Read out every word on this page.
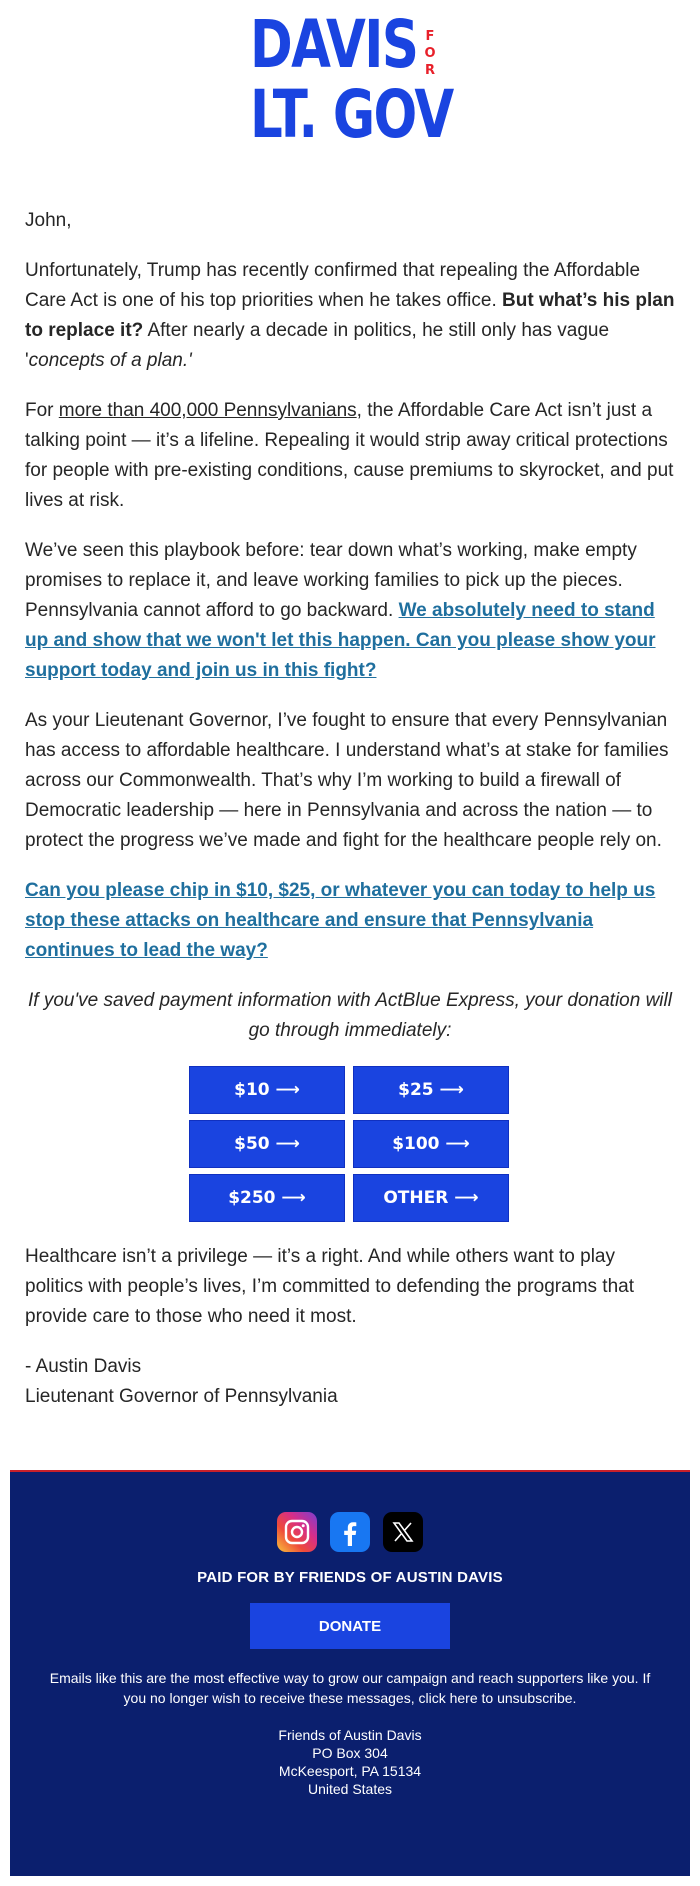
DAVIS F
O
R
LT. GOV

John,

Unfortunately, Trump has recently confirmed that repealing the Affordable Care Act is one of his top priorities when he takes office. But what’s his plan to replace it? After nearly a decade in politics, he still only has vague 'concepts of a plan.'

For more than 400,000 Pennsylvanians, the Affordable Care Act isn’t just a talking point — it’s a lifeline. Repealing it would strip away critical protections for people with pre-existing conditions, cause premiums to skyrocket, and put lives at risk.

We’ve seen this playbook before: tear down what’s working, make empty promises to replace it, and leave working families to pick up the pieces. Pennsylvania cannot afford to go backward. We absolutely need to stand up and show that we won't let this happen. Can you please show your support today and join us in this fight?

As your Lieutenant Governor, I’ve fought to ensure that every Pennsylvanian has access to affordable healthcare. I understand what’s at stake for families across our Commonwealth. That’s why I’m working to build a firewall of Democratic leadership — here in Pennsylvania and across the nation — to protect the progress we’ve made and fight for the healthcare people rely on.

Can you please chip in $10, $25, or whatever you can today to help us stop these attacks on healthcare and ensure that Pennsylvania continues to lead the way?

If you've saved payment information with ActBlue Express, your donation will go through immediately:

$10 ⟶	$25 ⟶
$50 ⟶	$100 ⟶
$250 ⟶	OTHER ⟶

Healthcare isn’t a privilege — it’s a right. And while others want to play politics with people’s lives, I’m committed to defending the programs that provide care to those who need it most.

- Austin Davis
Lieutenant Governor of Pennsylvania

PAID FOR BY FRIENDS OF AUSTIN DAVIS
DONATE
Emails like this are the most effective way to grow our campaign and reach supporters like you. If you no longer wish to receive these messages, click here to unsubscribe.
Friends of Austin Davis
PO Box 304
McKeesport, PA 15134
United States
